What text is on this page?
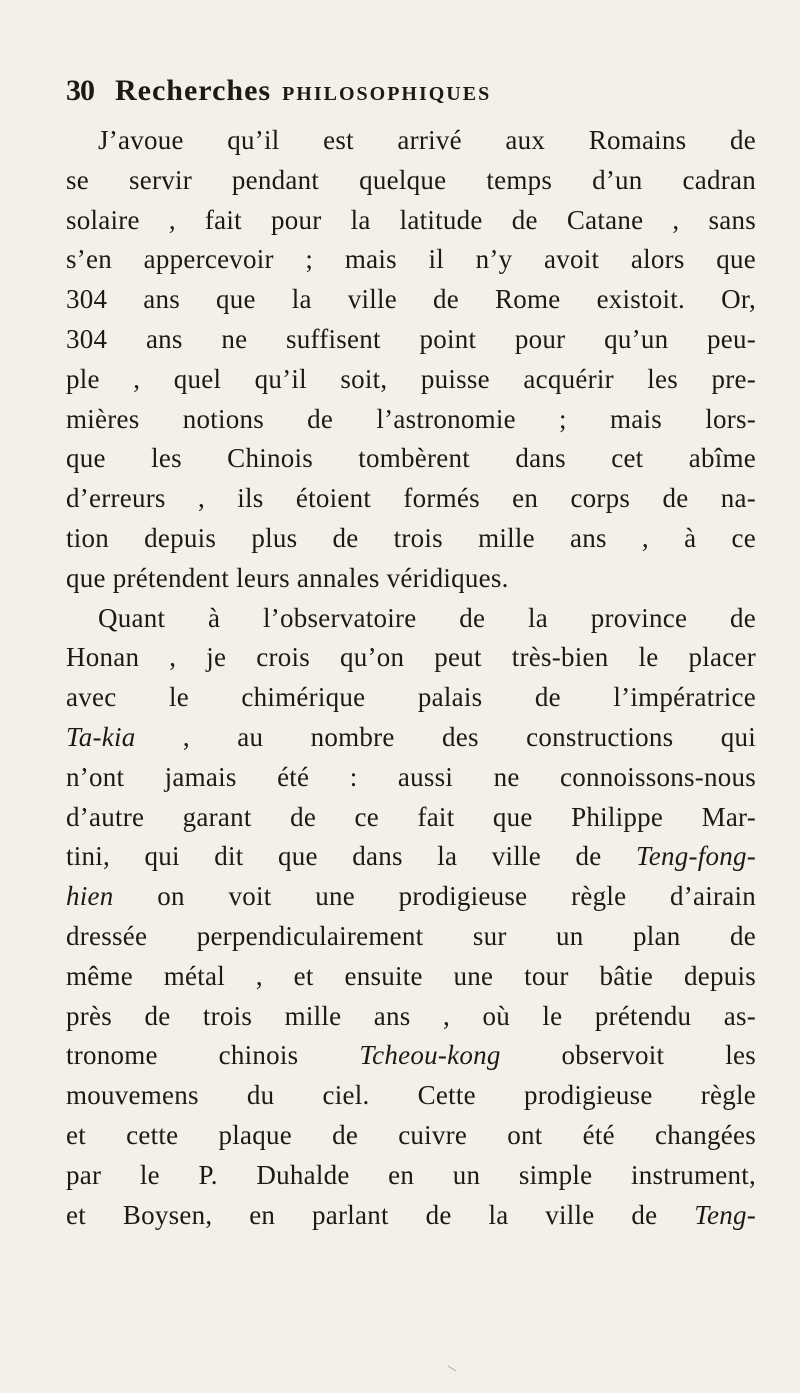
30 Recherches PHILOSOPHIQUES
J’avoue qu’il est arrivé aux Romains de
se servir pendant quelque temps d’un cadran
solaire , fait pour la latitude de Catane , sans
s’en appercevoir ; mais il n’y avoit alors que
304 ans que la ville de Rome existoit. Or,
304 ans ne suffisent point pour qu’un peu-
ple , quel qu’il soit, puisse acquérir les pre-
mières notions de l’astronomie ; mais lors-
que les Chinois tombèrent dans cet abîme
d’erreurs , ils étoient formés en corps de na-
tion depuis plus de trois mille ans , à ce
que prétendent leurs annales véridiques.
Quant à l’observatoire de la province de
Honan , je crois qu’on peut très-bien le placer
avec le chimérique palais de l’impératrice
Ta-kia , au nombre des constructions qui
n’ont jamais été : aussi ne connoissons-nous
d’autre garant de ce fait que Philippe Mar-
tini, qui dit que dans la ville de Teng-fong-
hien on voit une prodigieuse règle d’airain
dressée perpendiculairement sur un plan de
même métal , et ensuite une tour bâtie depuis
près de trois mille ans , où le prétendu as-
tronome chinois Tcheou-kong observoit les
mouvemens du ciel. Cette prodigieuse règle
et cette plaque de cuivre ont été changées
par le P. Duhalde en un simple instrument,
et Boysen, en parlant de la ville de Teng-
